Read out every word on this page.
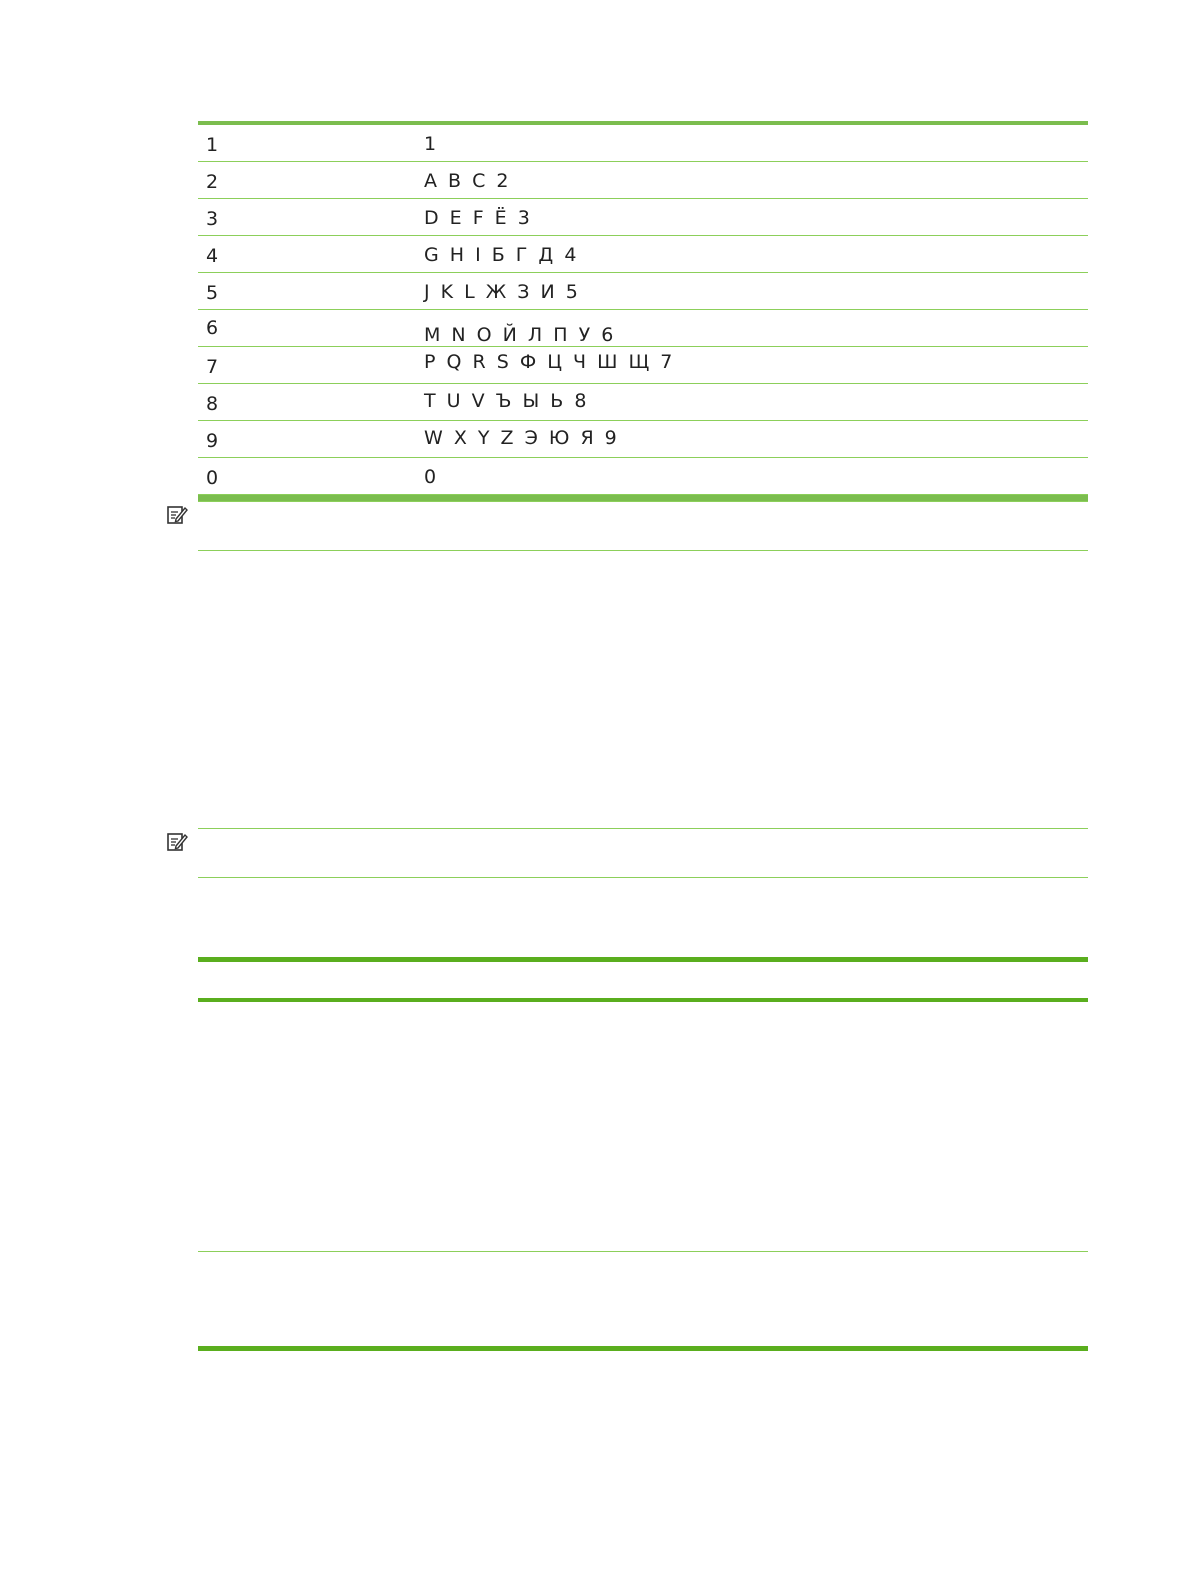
1	1
2	A B C 2
3	D E F Ё 3
4	G H I Б Г Д 4
5	J K L Ж З И 5
6	M N O Й Л П У 6
7	P Q R S Ф Ц Ч Ш Щ 7
8	T U V Ъ Ы Ь 8
9	W X Y Z Э Ю Я 9
0	0
